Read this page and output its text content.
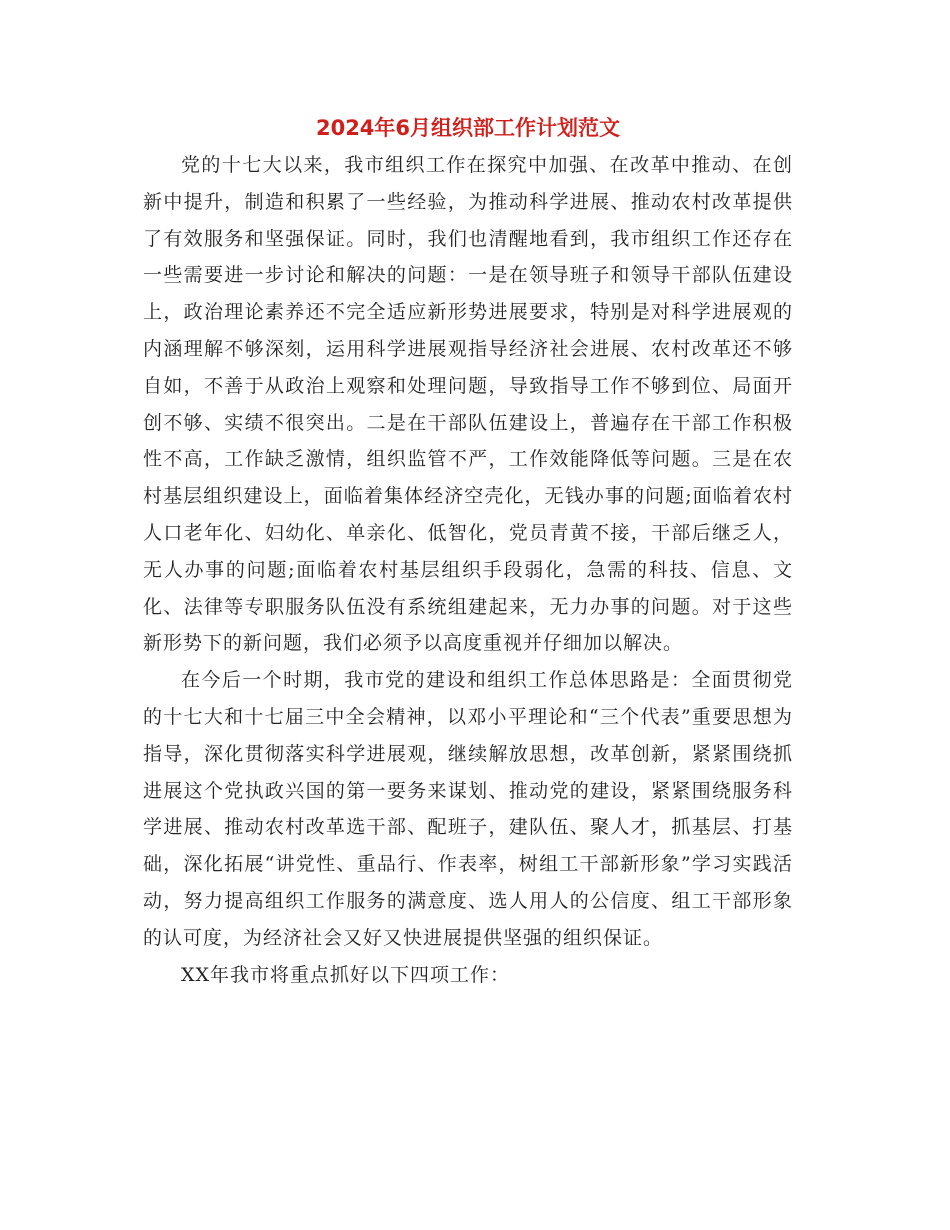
2024年6月组织部工作计划范文

党的十七大以来，我市组织工作在探究中加强、在改革中推动、在创新中提升，制造和积累了一些经验，为推动科学进展、推动农村改革提供了有效服务和坚强保证。同时，我们也清醒地看到，我市组织工作还存在一些需要进一步讨论和解决的问题：一是在领导班子和领导干部队伍建设上，政治理论素养还不完全适应新形势进展要求，特别是对科学进展观的内涵理解不够深刻，运用科学进展观指导经济社会进展、农村改革还不够自如，不善于从政治上观察和处理问题，导致指导工作不够到位、局面开创不够、实绩不很突出。二是在干部队伍建设上，普遍存在干部工作积极性不高，工作缺乏激情，组织监管不严，工作效能降低等问题。三是在农村基层组织建设上，面临着集体经济空壳化，无钱办事的问题;面临着农村人口老年化、妇幼化、单亲化、低智化，党员青黄不接，干部后继乏人，无人办事的问题;面临着农村基层组织手段弱化，急需的科技、信息、文化、法律等专职服务队伍没有系统组建起来，无力办事的问题。对于这些新形势下的新问题，我们必须予以高度重视并仔细加以解决。

在今后一个时期，我市党的建设和组织工作总体思路是：全面贯彻党的十七大和十七届三中全会精神，以邓小平理论和“三个代表”重要思想为指导，深化贯彻落实科学进展观，继续解放思想，改革创新，紧紧围绕抓进展这个党执政兴国的第一要务来谋划、推动党的建设，紧紧围绕服务科学进展、推动农村改革选干部、配班子，建队伍、聚人才，抓基层、打基础，深化拓展“讲党性、重品行、作表率，树组工干部新形象”学习实践活动，努力提高组织工作服务的满意度、选人用人的公信度、组工干部形象的认可度，为经济社会又好又快进展提供坚强的组织保证。

XX年我市将重点抓好以下四项工作：
